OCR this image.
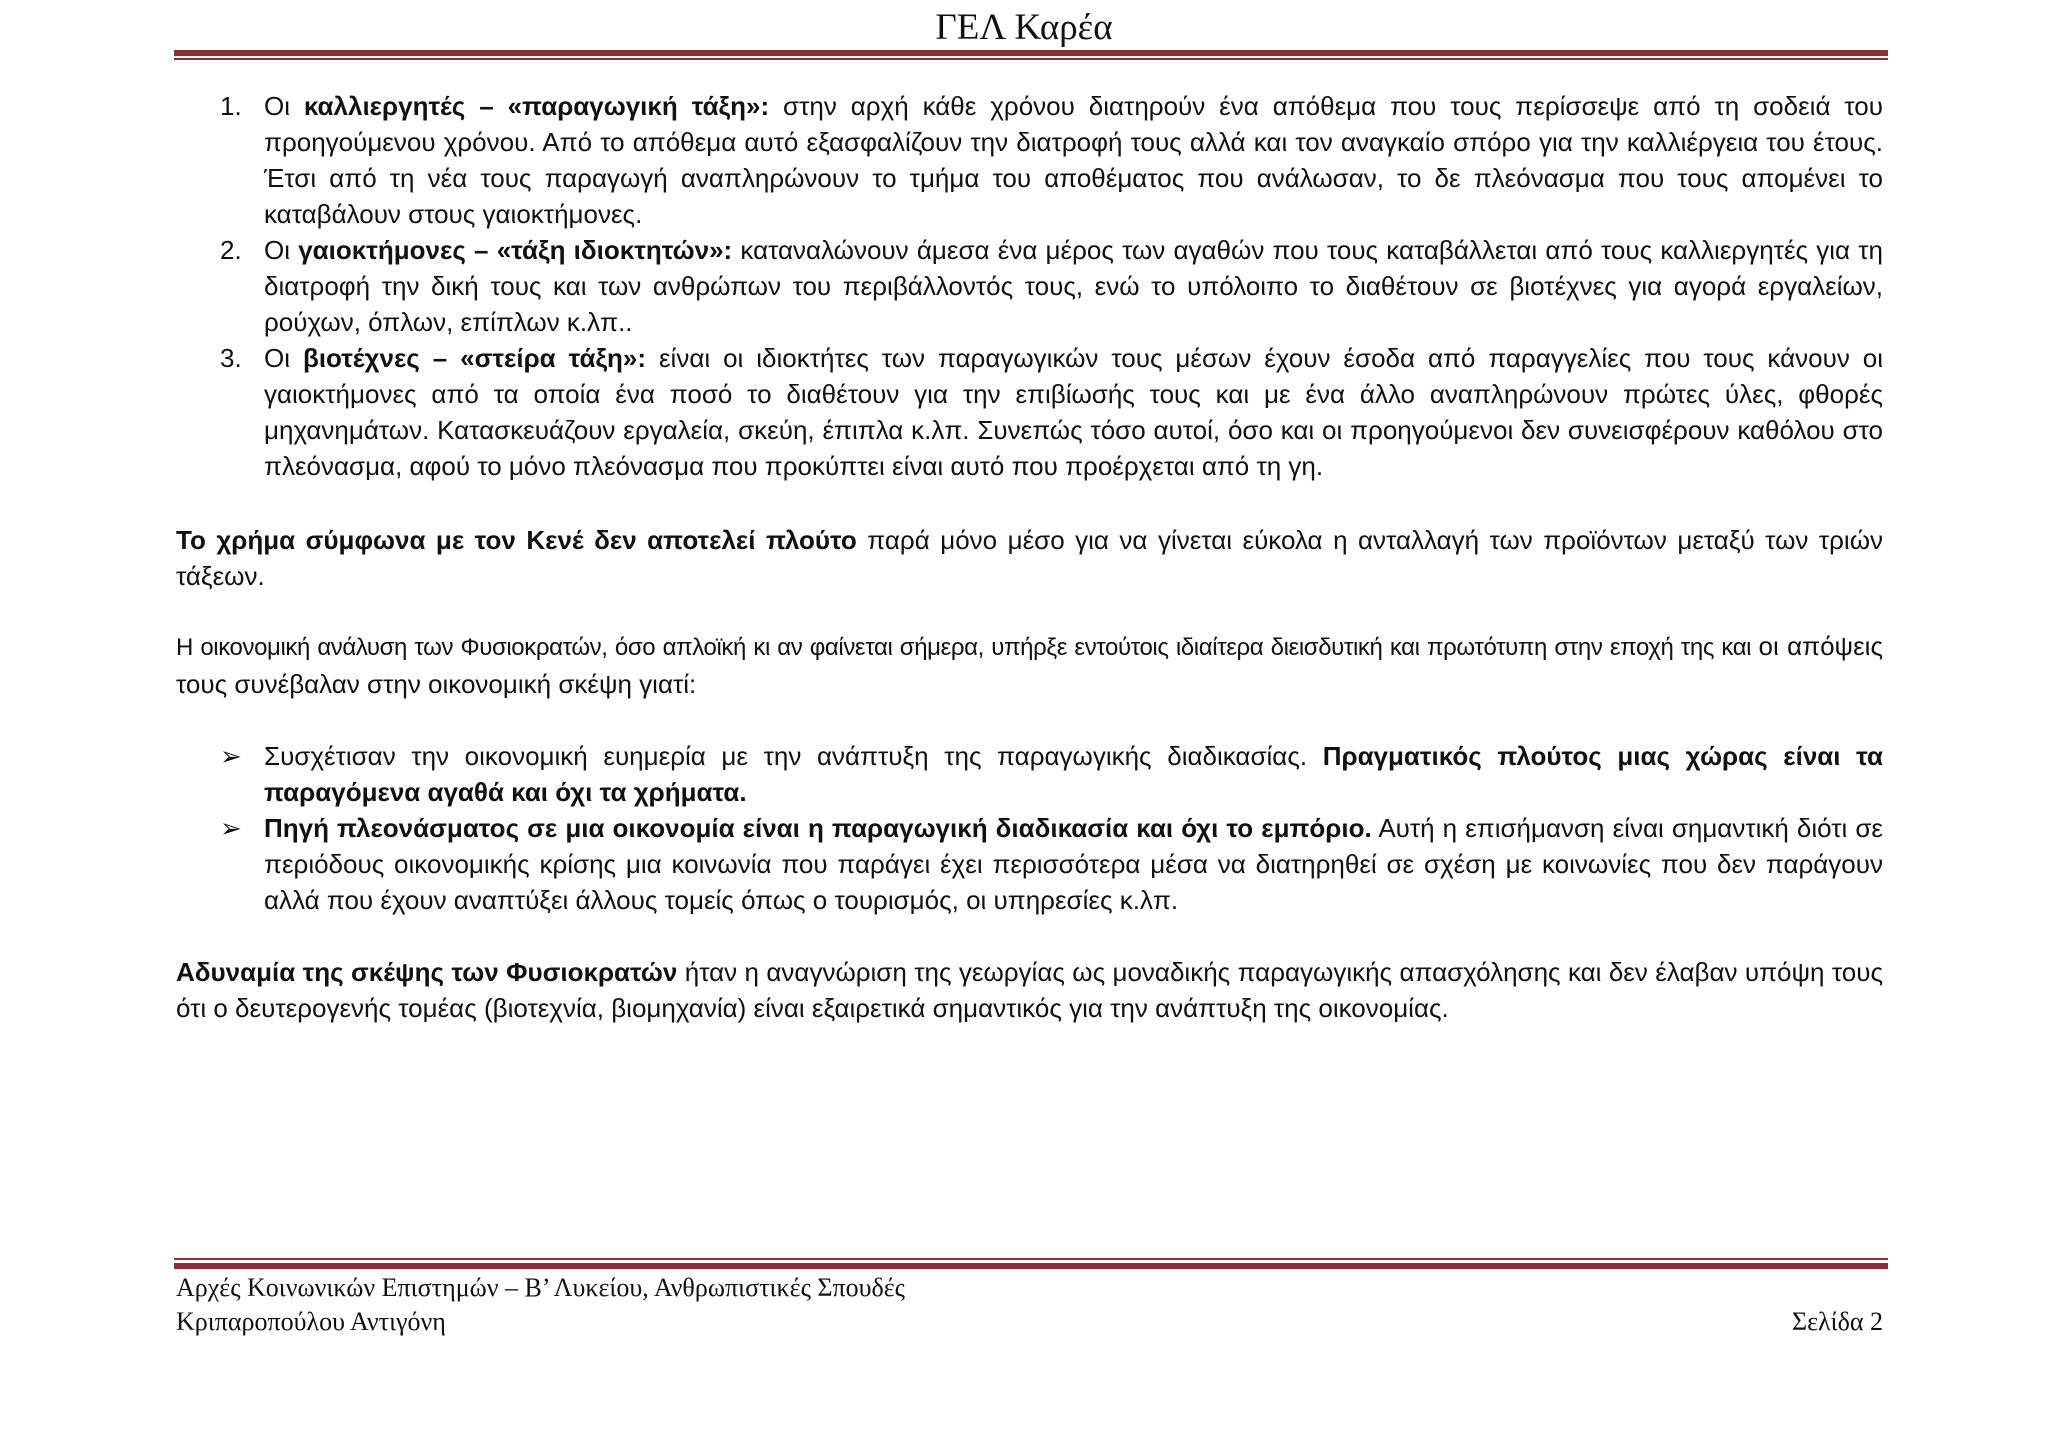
ΓΕΛ Καρέα
1. Οι καλλιεργητές – «παραγωγική τάξη»: στην αρχή κάθε χρόνου διατηρούν ένα απόθεμα που τους περίσσεψε από τη σοδειά του προηγούμενου χρόνου. Από το απόθεμα αυτό εξασφαλίζουν την διατροφή τους αλλά και τον αναγκαίο σπόρο για την καλλιέργεια του έτους. Έτσι από τη νέα τους παραγωγή αναπληρώνουν το τμήμα του αποθέματος που ανάλωσαν, το δε πλεόνασμα που τους απομένει το καταβάλουν στους γαιοκτήμονες.
2. Οι γαιοκτήμονες – «τάξη ιδιοκτητών»: καταναλώνουν άμεσα ένα μέρος των αγαθών που τους καταβάλλεται από τους καλλιεργητές για τη διατροφή την δική τους και των ανθρώπων του περιβάλλοντός τους, ενώ το υπόλοιπο το διαθέτουν σε βιοτέχνες για αγορά εργαλείων, ρούχων, όπλων, επίπλων κ.λπ..
3. Οι βιοτέχνες – «στείρα τάξη»: είναι οι ιδιοκτήτες των παραγωγικών τους μέσων έχουν έσοδα από παραγγελίες που τους κάνουν οι γαιοκτήμονες από τα οποία ένα ποσό το διαθέτουν για την επιβίωσής τους και με ένα άλλο αναπληρώνουν πρώτες ύλες, φθορές μηχανημάτων. Κατασκευάζουν εργαλεία, σκεύη, έπιπλα κ.λπ. Συνεπώς τόσο αυτοί, όσο και οι προηγούμενοι δεν συνεισφέρουν καθόλου στο πλεόνασμα, αφού το μόνο πλεόνασμα που προκύπτει είναι αυτό που προέρχεται από τη γη.

Το χρήμα σύμφωνα με τον Κενέ δεν αποτελεί πλούτο παρά μόνο μέσο για να γίνεται εύκολα η ανταλλαγή των προϊόντων μεταξύ των τριών τάξεων.

Η οικονομική ανάλυση των Φυσιοκρατών, όσο απλοϊκή κι αν φαίνεται σήμερα, υπήρξε εντούτοις ιδιαίτερα διεισδυτική και πρωτότυπη στην εποχή της και οι απόψεις τους συνέβαλαν στην οικονομική σκέψη γιατί:

➢ Συσχέτισαν την οικονομική ευημερία με την ανάπτυξη της παραγωγικής διαδικασίας. Πραγματικός πλούτος μιας χώρας είναι τα παραγόμενα αγαθά και όχι τα χρήματα.
➢ Πηγή πλεονάσματος σε μια οικονομία είναι η παραγωγική διαδικασία και όχι το εμπόριο. Αυτή η επισήμανση είναι σημαντική διότι σε περιόδους οικονομικής κρίσης μια κοινωνία που παράγει έχει περισσότερα μέσα να διατηρηθεί σε σχέση με κοινωνίες που δεν παράγουν αλλά που έχουν αναπτύξει άλλους τομείς όπως ο τουρισμός, οι υπηρεσίες κ.λπ.

Αδυναμία της σκέψης των Φυσιοκρατών ήταν η αναγνώριση της γεωργίας ως μοναδικής παραγωγικής απασχόλησης και δεν έλαβαν υπόψη τους ότι ο δευτερογενής τομέας (βιοτεχνία, βιομηχανία) είναι εξαιρετικά σημαντικός για την ανάπτυξη της οικονομίας.

Αρχές Κοινωνικών Επιστημών – Β’ Λυκείου, Ανθρωπιστικές Σπουδές
Κριπαροπούλου Αντιγόνη	Σελίδα 2
